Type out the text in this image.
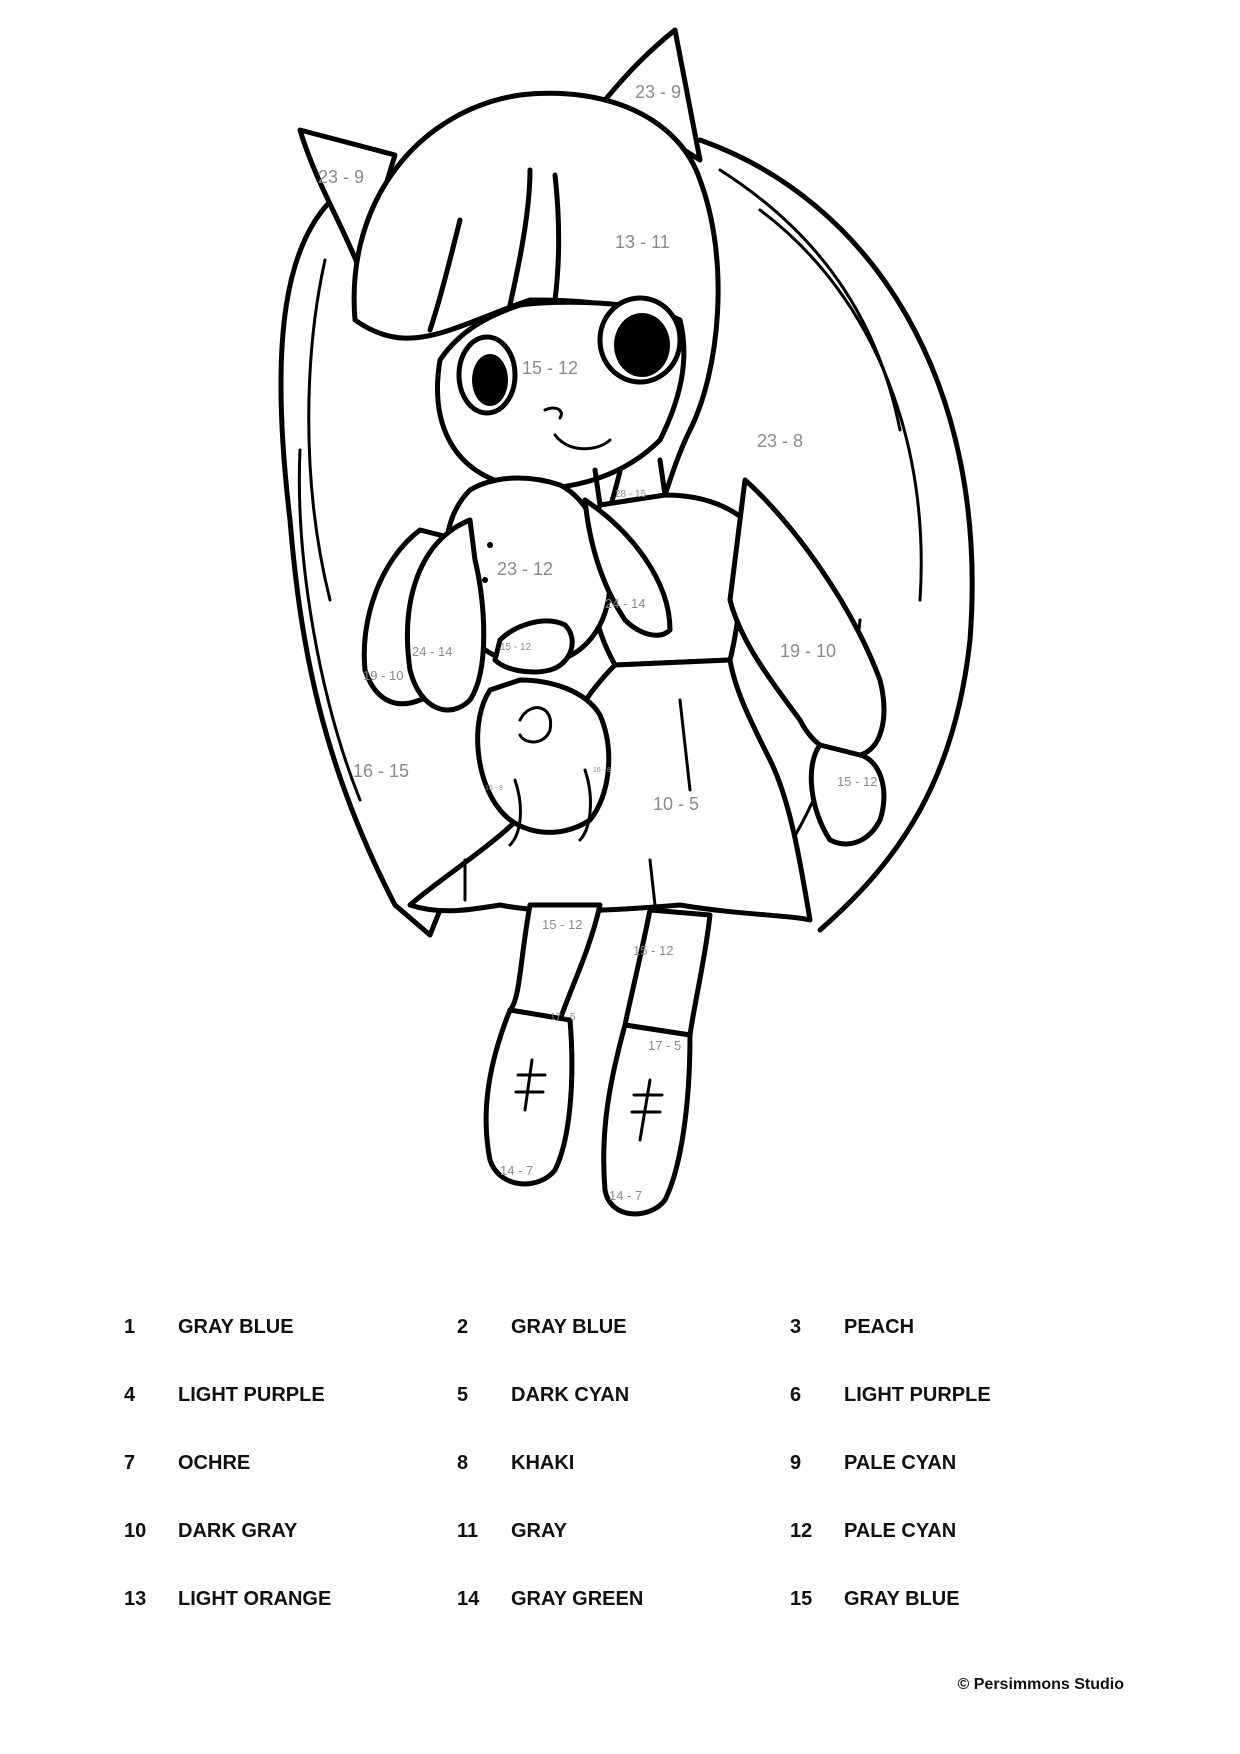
23 - 9
23 - 9
13 - 11
15 - 12
23 - 8
28 - 15
23 - 12
24 - 14
24 - 14	15 - 12
19 - 10
19 - 10
16 - 15
16 - 8
16 - 8
10 - 5
15 - 12
15 - 12
15 - 12
17 - 5
17 - 5
14 - 7
14 - 7
1	GRAY BLUE	2	GRAY BLUE	3	PEACH
4	LIGHT PURPLE	5	DARK CYAN	6	LIGHT PURPLE
7	OCHRE	8	KHAKI	9	PALE CYAN
10	DARK GRAY	11	GRAY	12	PALE CYAN
13	LIGHT ORANGE	14	GRAY GREEN	15	GRAY BLUE
© Persimmons Studio
